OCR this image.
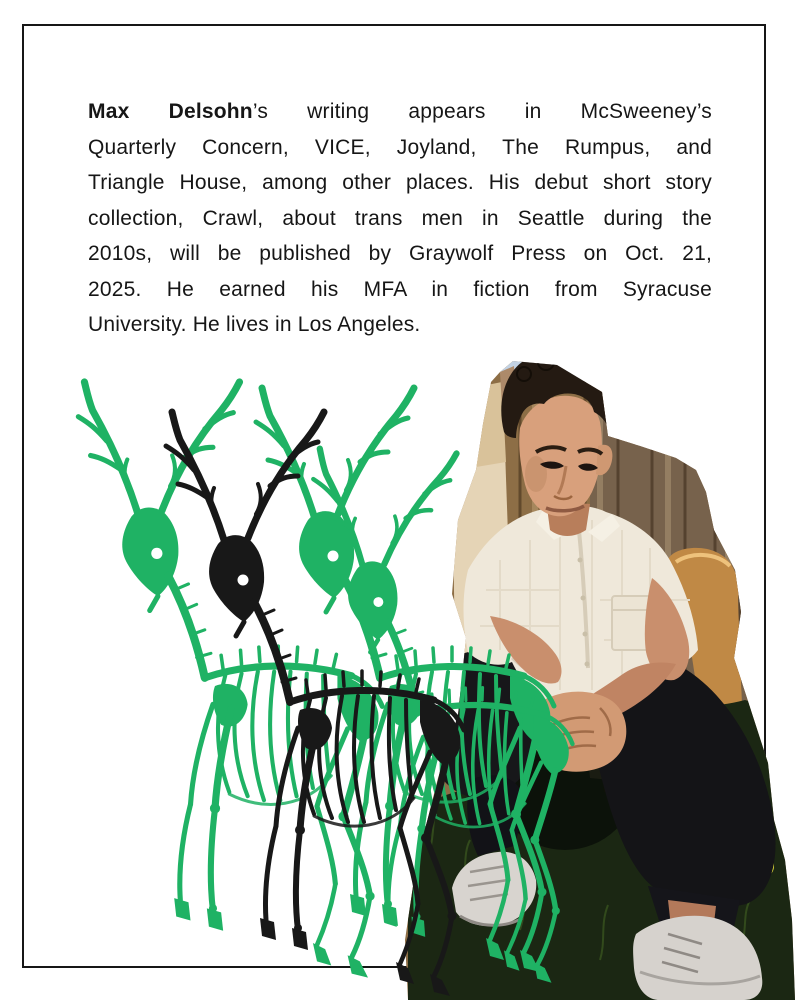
Max Delsohn’s writing appears in McSweeney’s
Quarterly Concern, VICE, Joyland, The Rumpus, and
Triangle House, among other places. His debut short story
collection, Crawl, about trans men in Seattle during the
2010s, will be published by Graywolf Press on Oct. 21,
2025. He earned his MFA in fiction from Syracuse
University. He lives in Los Angeles.
